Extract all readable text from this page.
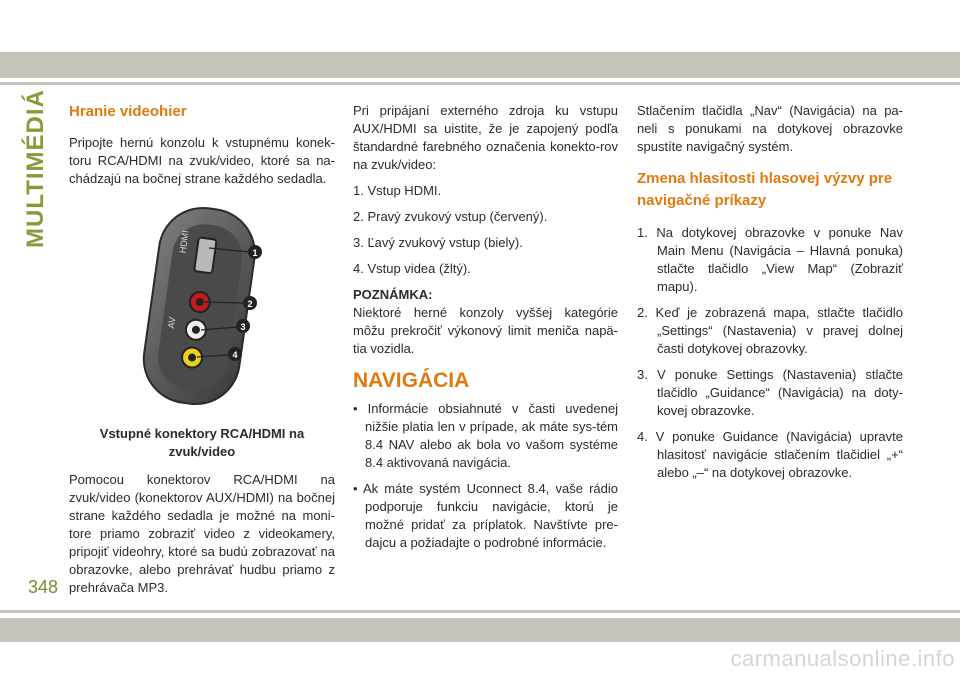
MULTIMÉDIÁ Hranie videohier

Pripojte hernú konzolu k vstupnému konek-toru RCA/HDMI na zvuk/video, ktoré sa na-chádzajú na bočnej strane každého sedadla.

HDMI
AV
1
2
3
4
Vstupné konektory RCA/HDMI na zvuk/video

Pomocou konektorov RCA/HDMI na zvuk/video (konektorov AUX/HDMI) na bočnej strane každého sedadla je možné na moni-tore priamo zobraziť video z videokamery, pripojiť videohry, ktoré sa budú zobrazovať na obrazovke, alebo prehrávať hudbu priamo z prehrávača MP3.

Pri pripájaní externého zdroja ku vstupu AUX/HDMI sa uistite, že je zapojený podľa štandardné farebného označenia konekto-rov na zvuk/video:

1. Vstup HDMI.
2. Pravý zvukový vstup (červený).
3. Ľavý zvukový vstup (biely).
4. Vstup videa (žltý).

POZNÁMKA:

Niektoré herné konzoly vyššej kategórie môžu prekročiť výkonový limit meniča napä-tia vozidla.

NAVIGÁCIA
• Informácie obsiahnuté v časti uvedenej nižšie platia len v prípade, ak máte sys-tém 8.4 NAV alebo ak bola vo vašom systéme 8.4 aktivovaná navigácia.
• Ak máte systém Uconnect 8.4, vaše rádio podporuje funkciu navigácie, ktorú je možné pridať za príplatok. Navštívte pre-dajcu a požiadajte o podrobné informácie.

Stlačením tlačidla „Nav“ (Navigácia) na pa-neli s ponukami na dotykovej obrazovke spustíte navigačný systém.

Zmena hlasitosti hlasovej výzvy pre navigačné príkazy
1. Na dotykovej obrazovke v ponuke Nav Main Menu (Navigácia – Hlavná ponuka) stlačte tlačidlo „View Map“ (Zobraziť mapu).
2. Keď je zobrazená mapa, stlačte tlačidlo „Settings“ (Nastavenia) v pravej dolnej časti dotykovej obrazovky.
3. V ponuke Settings (Nastavenia) stlačte tlačidlo „Guidance“ (Navigácia) na doty-kovej obrazovke.
4. V ponuke Guidance (Navigácia) upravte hlasitosť navigácie stlačením tlačidiel „+“ alebo „–“ na dotykovej obrazovke.
348
carmanualsonline.info
